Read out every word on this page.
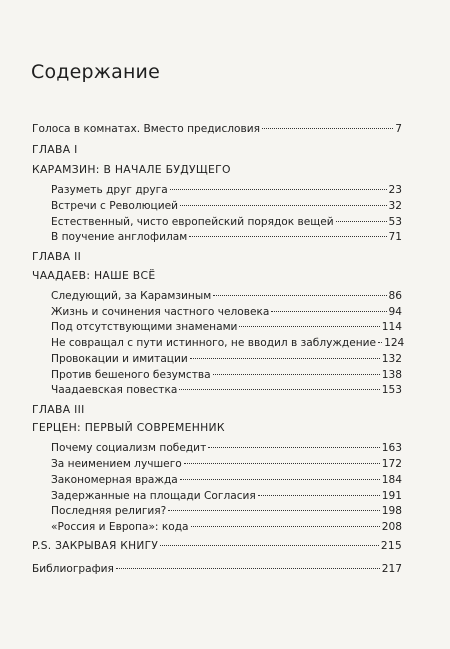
Содержание
Голоса в комнатах. Вместо предисловия	7
ГЛАВА I
КАРАМЗИН: В НАЧАЛЕ БУДУЩЕГО
Разуметь друг друга	23
Встречи с Революцией	32
Естественный, чисто европейский порядок вещей	53
В поучение англофилам	71
ГЛАВА II
ЧААДАЕВ: НАШЕ ВСЁ
Следующий, за Карамзиным	86
Жизнь и сочинения частного человека	94
Под отсутствующими знаменами	114
Не совращал с пути истинного, не вводил в заблуждение 124
Провокации и имитации	132
Против бешеного безумства	138
Чаадаевская повестка	153
ГЛАВА III
ГЕРЦЕН: ПЕРВЫЙ СОВРЕМЕННИК
Почему социализм победит	163
За неимением лучшего	172
Закономерная вражда	184
Задержанные на площади Согласия	191
Последняя религия?	198
«Россия и Европа»: кода	208
P.S. ЗАКРЫВАЯ КНИГУ	215
Библиография	217
